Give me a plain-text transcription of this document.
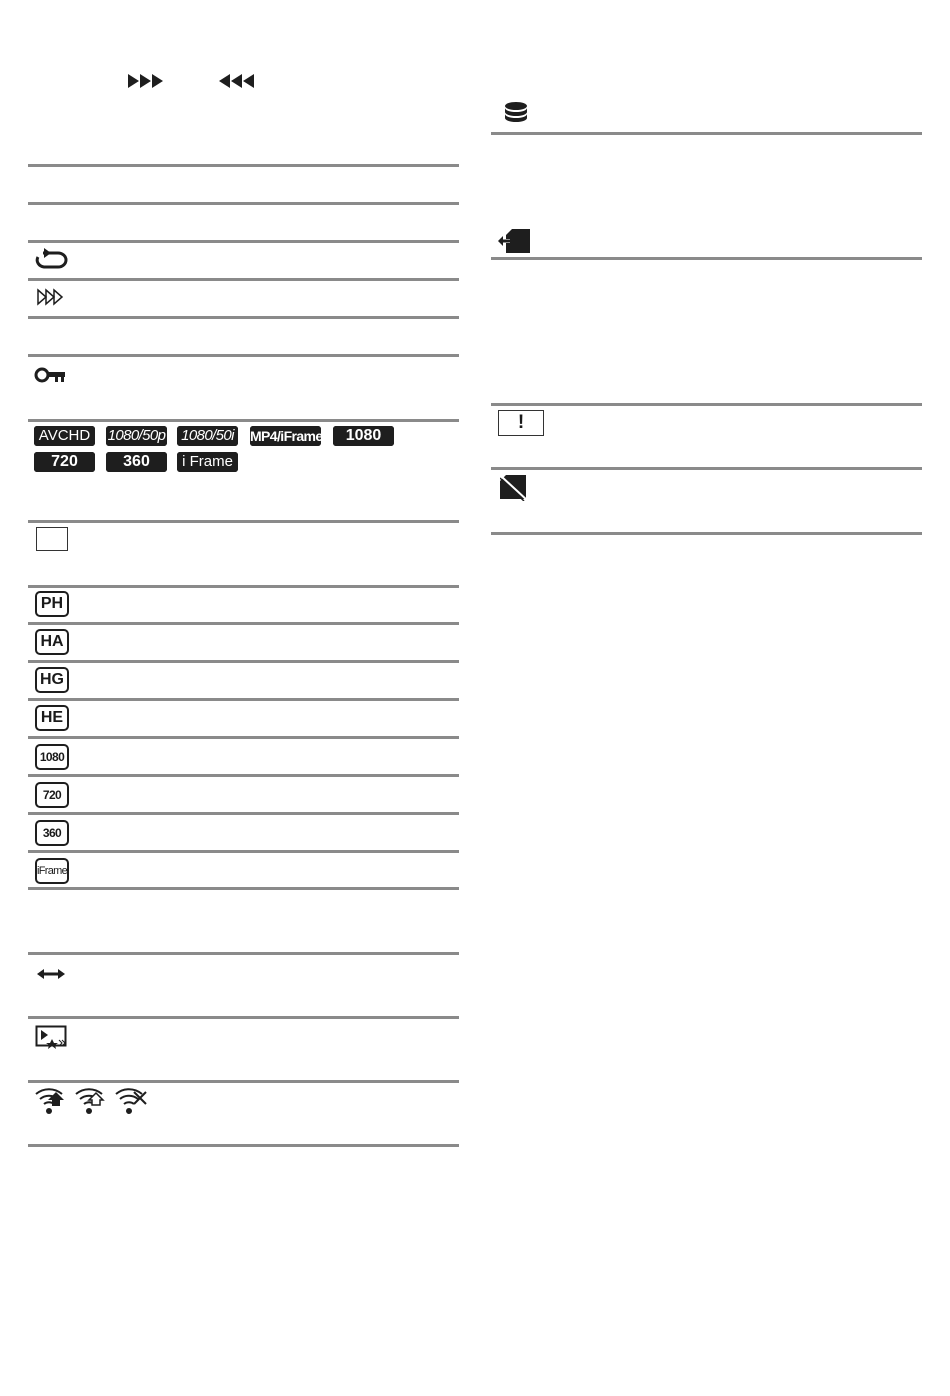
AVCHD	1080/50p 1080/50i MP4/iFrame	1080
720	360	i Frame
PH
HA
HG
HE
1080
720
360
iFrame
!
